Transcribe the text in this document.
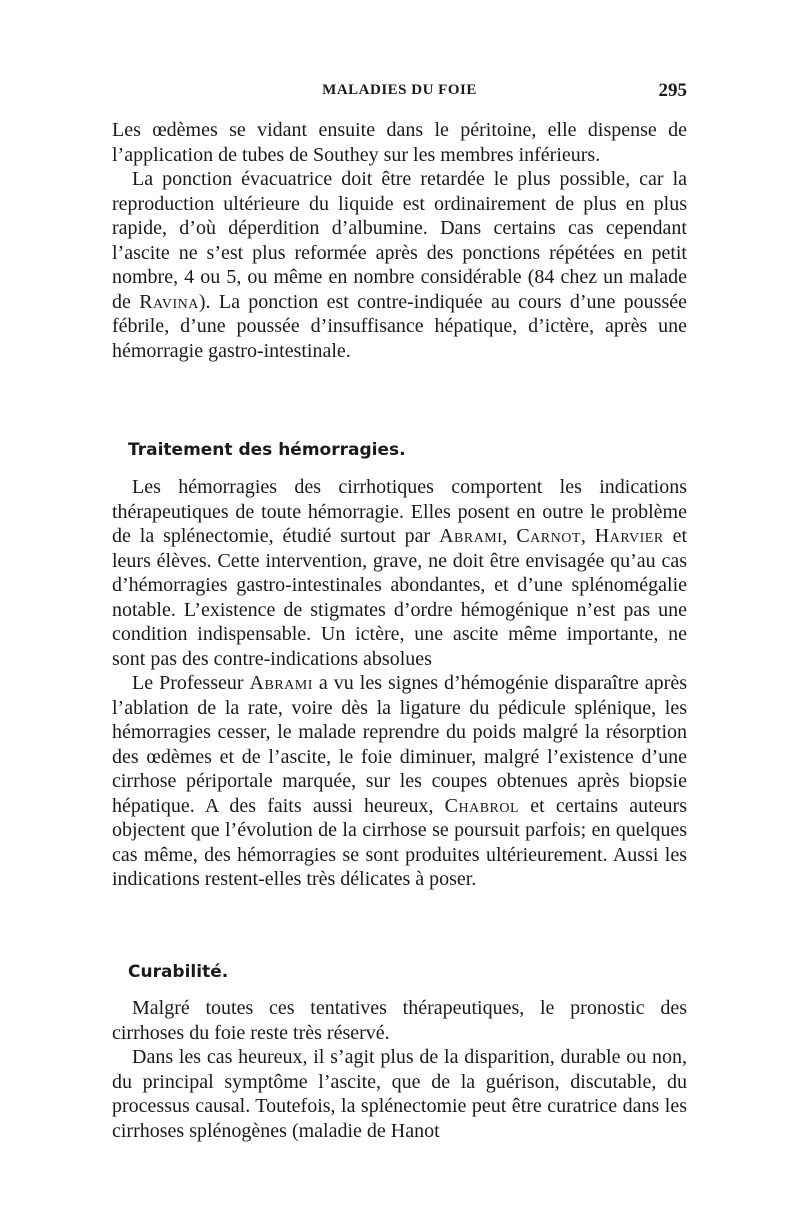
MALADIES DU FOIE	295

Les œdèmes se vidant ensuite dans le péritoine, elle dispense de l’application de tubes de Southey sur les membres inférieurs.

La ponction évacuatrice doit être retardée le plus possible, car la reproduction ultérieure du liquide est ordinairement de plus en plus rapide, d’où déperdition d’albumine. Dans certains cas cependant l’ascite ne s’est plus reformée après des ponctions répétées en petit nombre, 4 ou 5, ou même en nombre considérable (84 chez un malade de Ravina). La ponction est contre-indiquée au cours d’une poussée fébrile, d’une poussée d’insuffisance hépatique, d’ictère, après une hémorragie gastro-intestinale.

Traitement des hémorragies.

Les hémorragies des cirrhotiques comportent les indications thérapeutiques de toute hémorragie. Elles posent en outre le problème de la splénectomie, étudié surtout par Abrami, Carnot, Harvier et leurs élèves. Cette intervention, grave, ne doit être envisagée qu’au cas d’hémorragies gastro-intestinales abondantes, et d’une splénomégalie notable. L’existence de stigmates d’ordre hémogénique n’est pas une condition indispensable. Un ictère, une ascite même importante, ne sont pas des contre-indications absolues

Le Professeur Abrami a vu les signes d’hémogénie disparaître après l’ablation de la rate, voire dès la ligature du pédicule splénique, les hémorragies cesser, le malade reprendre du poids malgré la résorption des œdèmes et de l’ascite, le foie diminuer, malgré l’existence d’une cirrhose périportale marquée, sur les coupes obtenues après biopsie hépatique. A des faits aussi heureux, Chabrol et certains auteurs objectent que l’évolution de la cirrhose se poursuit parfois; en quelques cas même, des hémorragies se sont produites ultérieurement. Aussi les indications restent-elles très délicates à poser.

Curabilité.

Malgré toutes ces tentatives thérapeutiques, le pronostic des cirrhoses du foie reste très réservé.

Dans les cas heureux, il s’agit plus de la disparition, durable ou non, du principal symptôme l’ascite, que de la guérison, discutable, du processus causal. Toutefois, la splénectomie peut être curatrice dans les cirrhoses splénogènes (maladie de Hanot
